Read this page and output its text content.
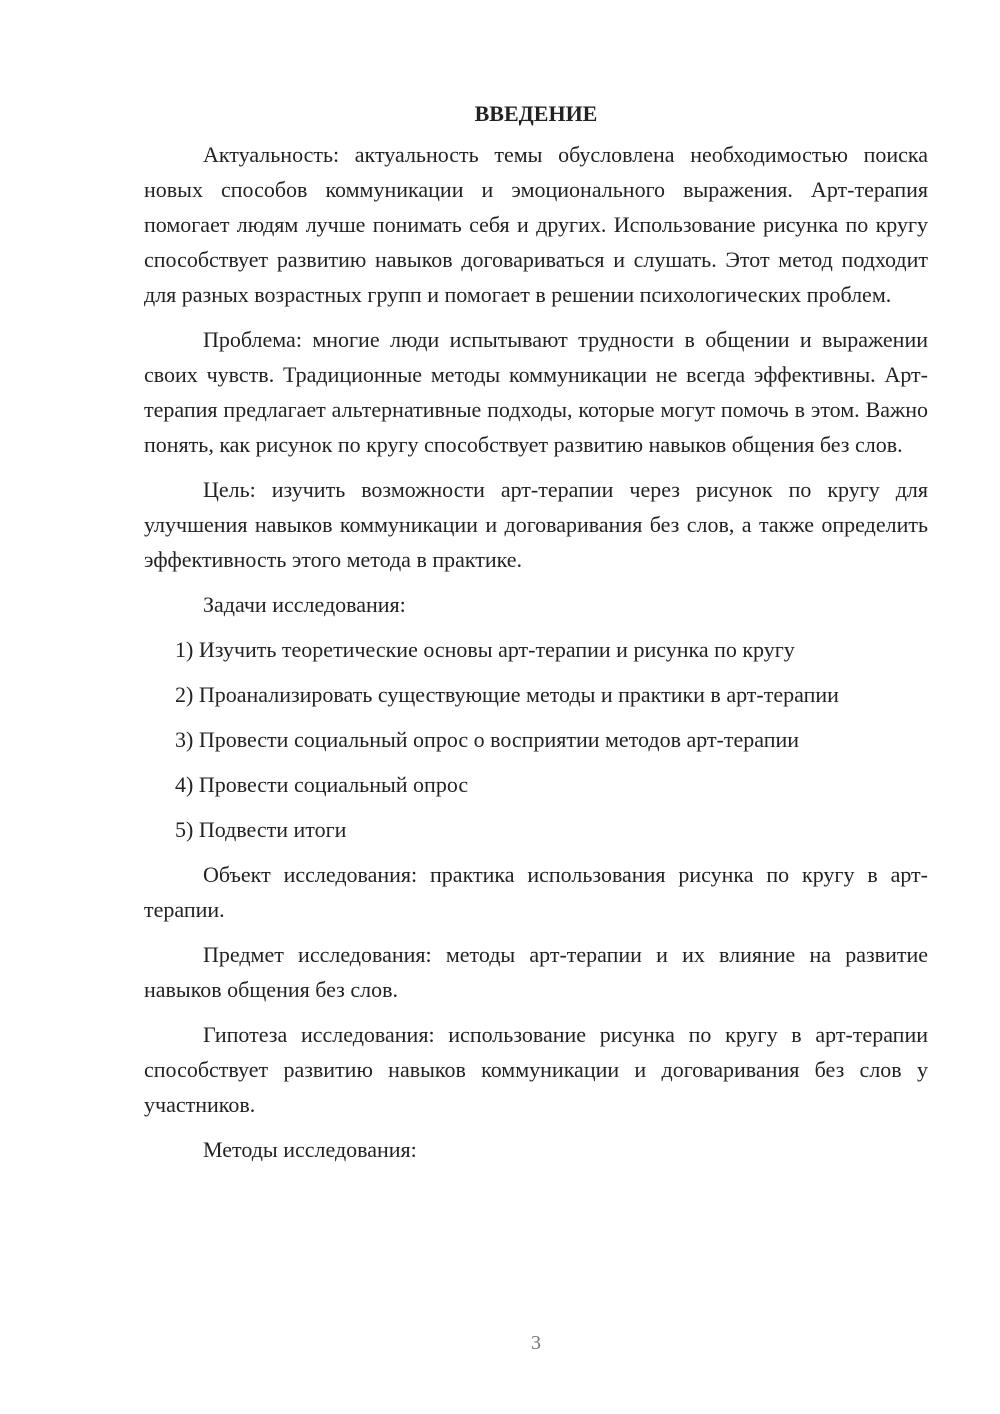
ВВЕДЕНИЕ

Актуальность: актуальность темы обусловлена необходимостью поиска новых способов коммуникации и эмоционального выражения. Арт-терапия помогает людям лучше понимать себя и других. Использование рисунка по кругу способствует развитию навыков договариваться и слушать. Этот метод подходит для разных возрастных групп и помогает в решении психологических проблем.

Проблема: многие люди испытывают трудности в общении и выражении своих чувств. Традиционные методы коммуникации не всегда эффективны. Арт-терапия предлагает альтернативные подходы, которые могут помочь в этом. Важно понять, как рисунок по кругу способствует развитию навыков общения без слов.

Цель: изучить возможности арт-терапии через рисунок по кругу для улучшения навыков коммуникации и договаривания без слов, а также определить эффективность этого метода в практике.

Задачи исследования:

1) Изучить теоретические основы арт-терапии и рисунка по кругу

2) Проанализировать существующие методы и практики в арт-терапии

3) Провести социальный опрос о восприятии методов арт-терапии

4) Провести социальный опрос

5) Подвести итоги

Объект исследования: практика использования рисунка по кругу в арт-терапии.

Предмет исследования: методы арт-терапии и их влияние на развитие навыков общения без слов.

Гипотеза исследования: использование рисунка по кругу в арт-терапии способствует развитию навыков коммуникации и договаривания без слов у участников.

Методы исследования:

3
